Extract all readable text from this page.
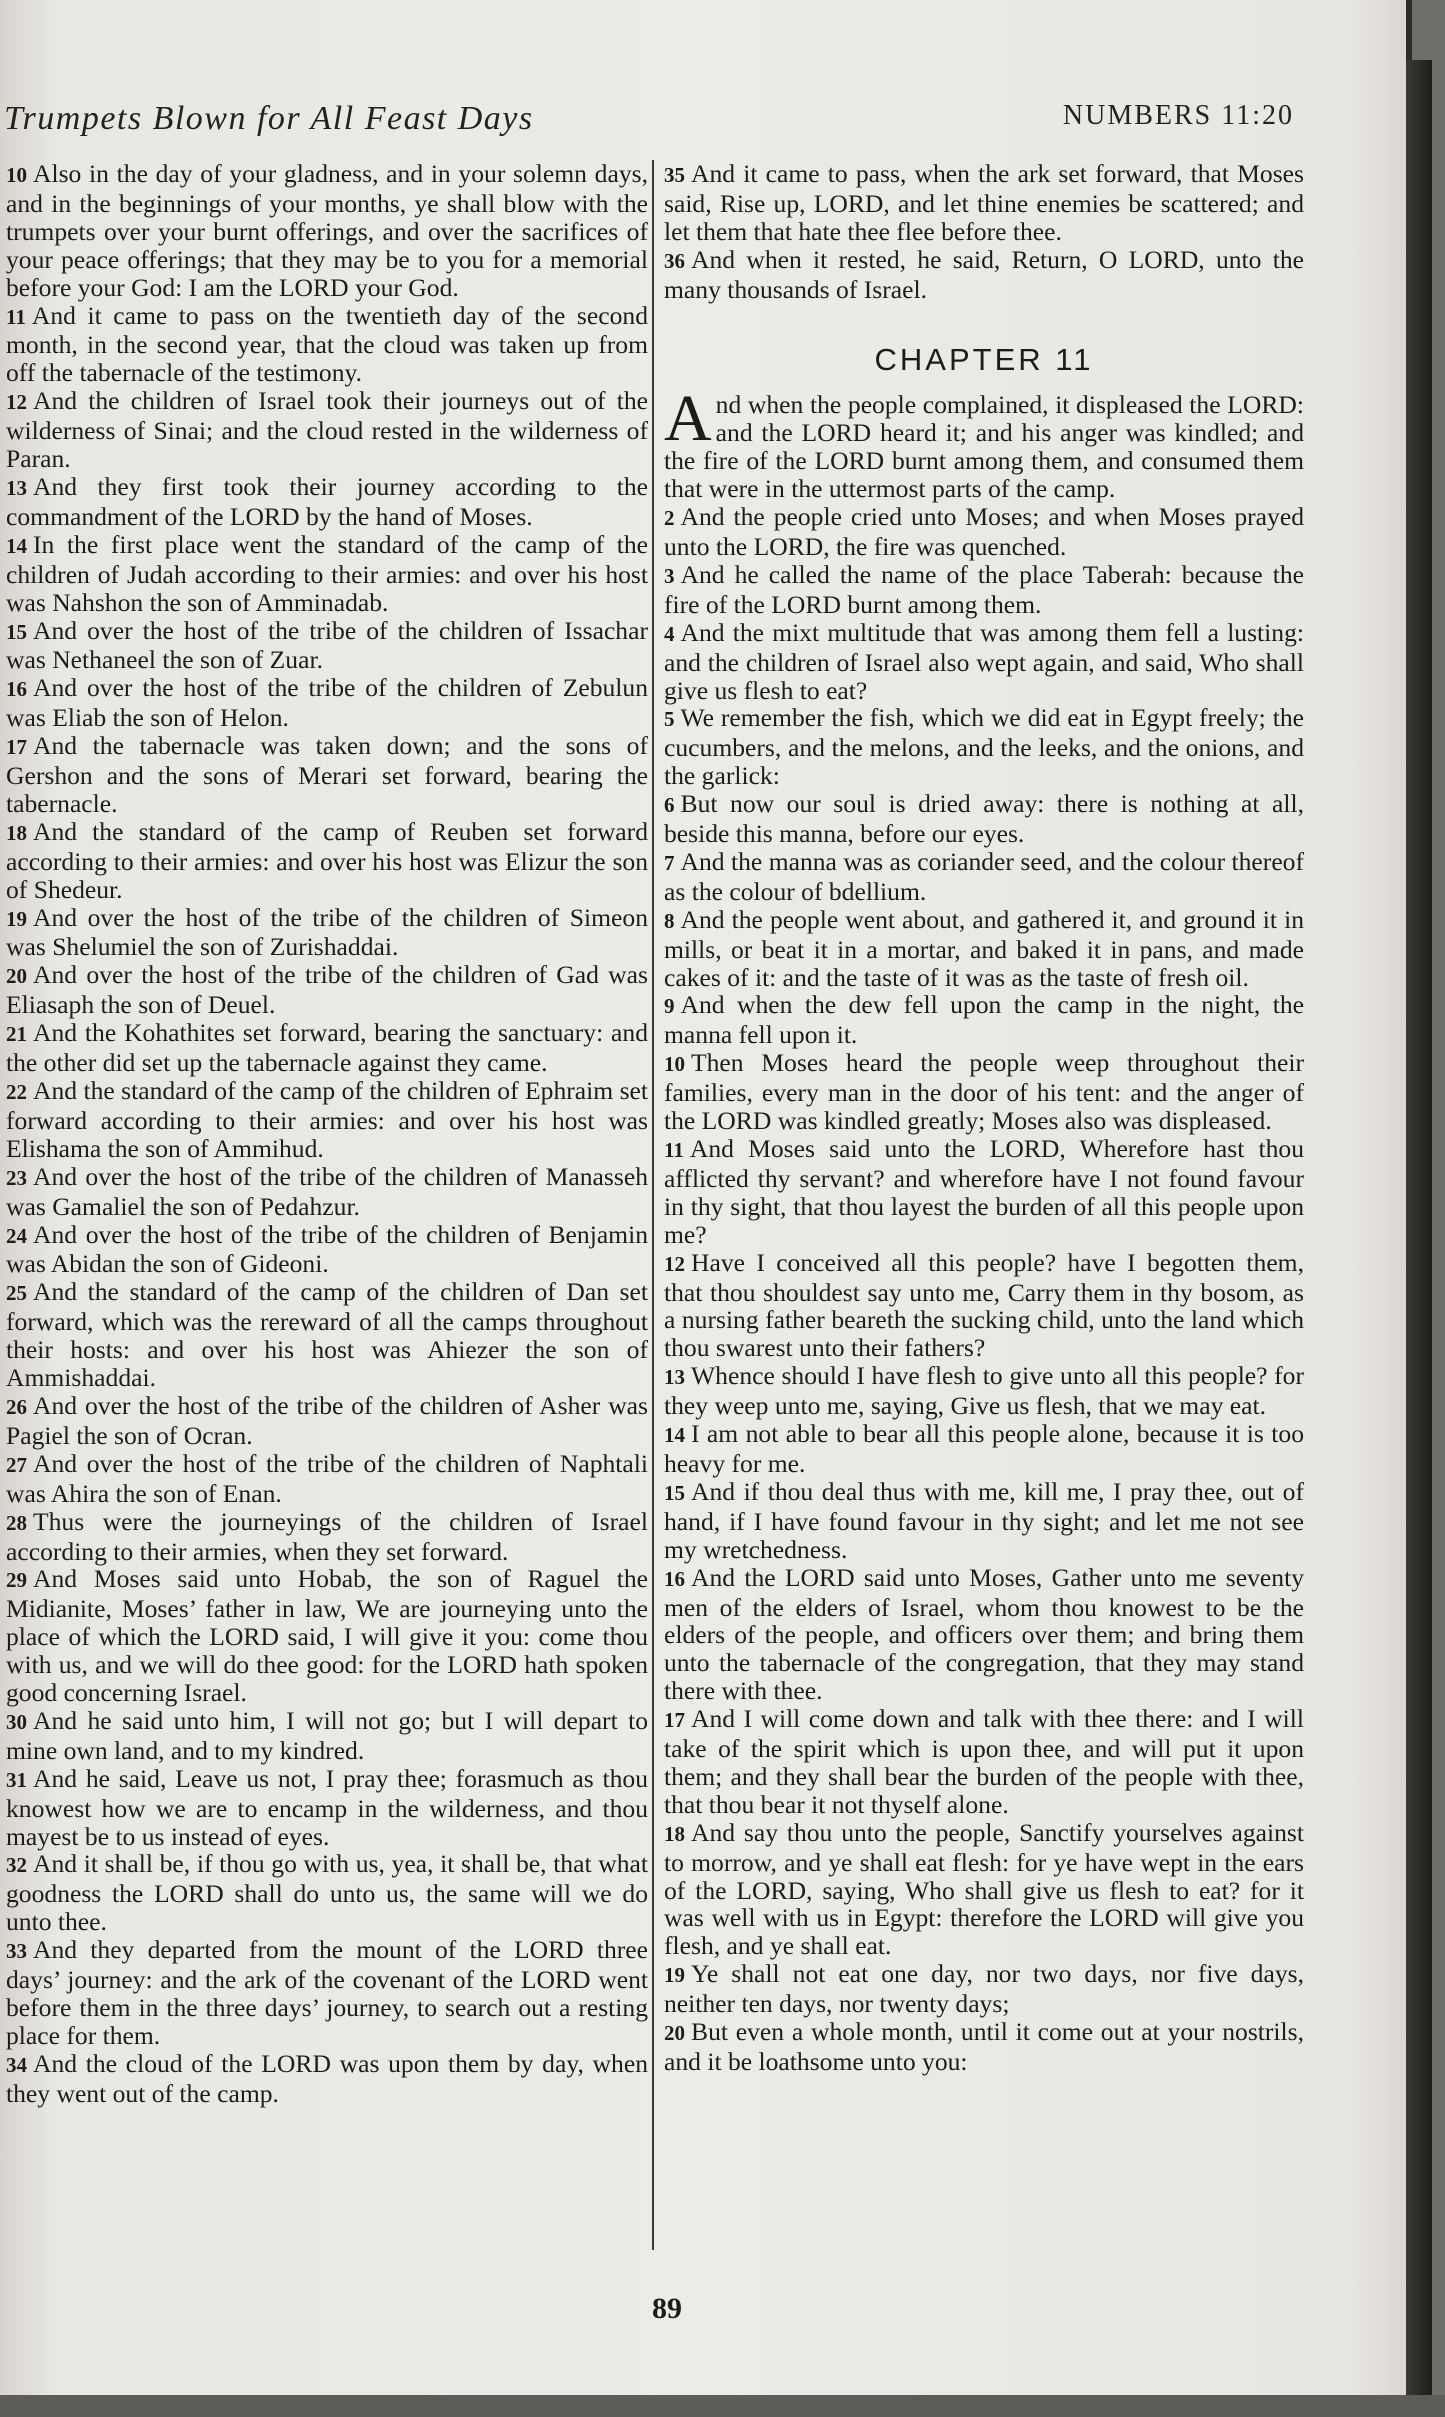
Trumpets Blown for All Feast Days	NUMBERS 11:20

10 Also in the day of your gladness, and in your solemn days, and in the beginnings of your months, ye shall blow with the trumpets over your burnt offerings, and over the sacrifices of your peace offerings; that they may be to you for a memorial before your God: I am the LORD your God.

11 And it came to pass on the twentieth day of the second month, in the second year, that the cloud was taken up from off the tabernacle of the testimony.

12 And the children of Israel took their journeys out of the wilderness of Sinai; and the cloud rested in the wilderness of Paran.

13 And they first took their journey according to the commandment of the LORD by the hand of Moses.

14 In the first place went the standard of the camp of the children of Judah according to their armies: and over his host was Nahshon the son of Amminadab.

15 And over the host of the tribe of the children of Issachar was Nethaneel the son of Zuar.

16 And over the host of the tribe of the children of Zebulun was Eliab the son of Helon.

17 And the tabernacle was taken down; and the sons of Gershon and the sons of Merari set forward, bearing the tabernacle.

18 And the standard of the camp of Reuben set forward according to their armies: and over his host was Elizur the son of Shedeur.

19 And over the host of the tribe of the children of Simeon was Shelumiel the son of Zurishaddai.

20 And over the host of the tribe of the children of Gad was Eliasaph the son of Deuel.

21 And the Kohathites set forward, bearing the sanctuary: and the other did set up the tabernacle against they came.

22 And the standard of the camp of the children of Ephraim set forward according to their armies: and over his host was Elishama the son of Ammihud.

23 And over the host of the tribe of the children of Manasseh was Gamaliel the son of Pedahzur.

24 And over the host of the tribe of the children of Benjamin was Abidan the son of Gideoni.

25 And the standard of the camp of the children of Dan set forward, which was the rereward of all the camps throughout their hosts: and over his host was Ahiezer the son of Ammishaddai.

26 And over the host of the tribe of the children of Asher was Pagiel the son of Ocran.

27 And over the host of the tribe of the children of Naphtali was Ahira the son of Enan.

28 Thus were the journeyings of the children of Israel according to their armies, when they set forward.

29 And Moses said unto Hobab, the son of Raguel the Midianite, Moses’ father in law, We are journeying unto the place of which the LORD said, I will give it you: come thou with us, and we will do thee good: for the LORD hath spoken good concerning Israel.

30 And he said unto him, I will not go; but I will depart to mine own land, and to my kindred.

31 And he said, Leave us not, I pray thee; forasmuch as thou knowest how we are to encamp in the wilderness, and thou mayest be to us instead of eyes.

32 And it shall be, if thou go with us, yea, it shall be, that what goodness the LORD shall do unto us, the same will we do unto thee.

33 And they departed from the mount of the LORD three days’ journey: and the ark of the covenant of the LORD went before them in the three days’ journey, to search out a resting place for them.

34 And the cloud of the LORD was upon them by day, when they went out of the camp.

35 And it came to pass, when the ark set forward, that Moses said, Rise up, LORD, and let thine enemies be scattered; and let them that hate thee flee before thee.

36 And when it rested, he said, Return, O LORD, unto the many thousands of Israel.

CHAPTER 11

And when the people complained, it displeased the LORD: and the LORD heard it; and his anger was kindled; and the fire of the LORD burnt among them, and consumed them that were in the uttermost parts of the camp.

2 And the people cried unto Moses; and when Moses prayed unto the LORD, the fire was quenched.

3 And he called the name of the place Taberah: because the fire of the LORD burnt among them.

4 And the mixt multitude that was among them fell a lusting: and the children of Israel also wept again, and said, Who shall give us flesh to eat?

5 We remember the fish, which we did eat in Egypt freely; the cucumbers, and the melons, and the leeks, and the onions, and the garlick:

6 But now our soul is dried away: there is nothing at all, beside this manna, before our eyes.

7 And the manna was as coriander seed, and the colour thereof as the colour of bdellium.

8 And the people went about, and gathered it, and ground it in mills, or beat it in a mortar, and baked it in pans, and made cakes of it: and the taste of it was as the taste of fresh oil.

9 And when the dew fell upon the camp in the night, the manna fell upon it.

10 Then Moses heard the people weep throughout their families, every man in the door of his tent: and the anger of the LORD was kindled greatly; Moses also was displeased.

11 And Moses said unto the LORD, Wherefore hast thou afflicted thy servant? and wherefore have I not found favour in thy sight, that thou layest the burden of all this people upon me?

12 Have I conceived all this people? have I begotten them, that thou shouldest say unto me, Carry them in thy bosom, as a nursing father beareth the sucking child, unto the land which thou swarest unto their fathers?

13 Whence should I have flesh to give unto all this people? for they weep unto me, saying, Give us flesh, that we may eat.

14 I am not able to bear all this people alone, because it is too heavy for me.

15 And if thou deal thus with me, kill me, I pray thee, out of hand, if I have found favour in thy sight; and let me not see my wretchedness.

16 And the LORD said unto Moses, Gather unto me seventy men of the elders of Israel, whom thou knowest to be the elders of the people, and officers over them; and bring them unto the tabernacle of the congregation, that they may stand there with thee.

17 And I will come down and talk with thee there: and I will take of the spirit which is upon thee, and will put it upon them; and they shall bear the burden of the people with thee, that thou bear it not thyself alone.

18 And say thou unto the people, Sanctify yourselves against to morrow, and ye shall eat flesh: for ye have wept in the ears of the LORD, saying, Who shall give us flesh to eat? for it was well with us in Egypt: therefore the LORD will give you flesh, and ye shall eat.

19 Ye shall not eat one day, nor two days, nor five days, neither ten days, nor twenty days;

20 But even a whole month, until it come out at your nostrils, and it be loathsome unto you:

89
